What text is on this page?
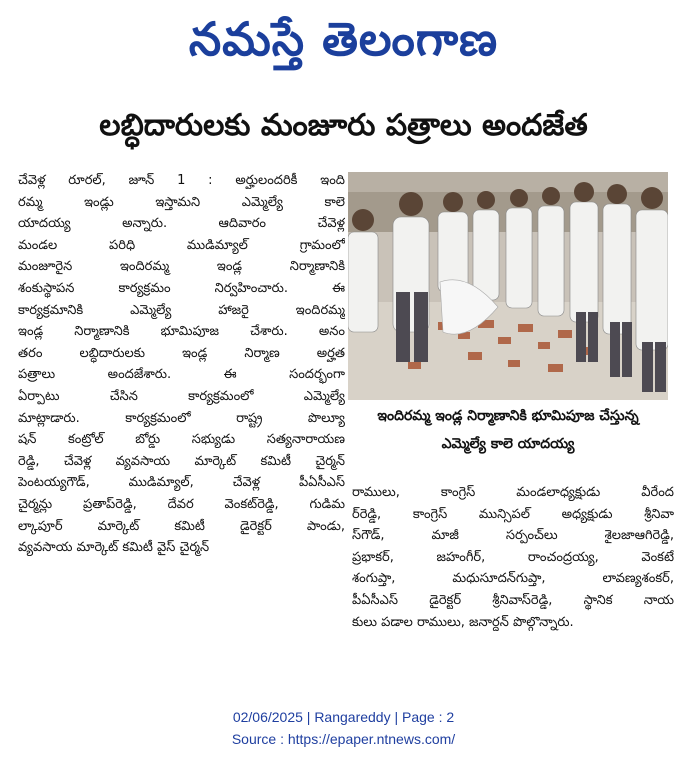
నమస్తే తెలంగాణ
లబ్ధిదారులకు మంజూరు పత్రాలు అందజేత

చేవెళ్ల రూరల్, జూన్ 1 : అర్హులందరికీ ఇంది

రమ్మ ఇండ్లు ఇస్తామని ఎమ్మెల్యే కాలె

యాదయ్య అన్నారు. ఆదివారం చేవెళ్ల

మండల పరిధి ముడిమ్యాల్ గ్రామంలో

మంజూరైన ఇందిరమ్మ ఇండ్ల నిర్మాణానికి

శంకుస్థాపన కార్యక్రమం నిర్వహించారు. ఈ

కార్యక్రమానికి ఎమ్మెల్యే హాజరై ఇందిరమ్మ

ఇండ్ల నిర్మాణానికి భూమిపూజ చేశారు. అనం

తరం లబ్ధిదారులకు ఇండ్ల నిర్మాణ అర్హత

పత్రాలు అందజేశారు. ఈ సందర్భంగా

ఏర్పాటు చేసిన కార్యక్రమంలో ఎమ్మెల్యే

మాట్లాడారు. కార్యక్రమంలో రాష్ట్ర పొల్యూ

షన్ కంట్రోల్ బోర్డు సభ్యుడు సత్యనారాయణ

రెడ్డి, చేవెళ్ల వ్యవసాయ మార్కెట్ కమిటీ చైర్మన్

పెంటయ్యగౌడ్, ముడిమ్యాల్, చేవెళ్ల పీఏసీఎస్

చైర్మన్లు ప్రతాప్‌రెడ్డి, దేవర వెంకట్‌రెడ్డి, గుడిమ

ల్కాపూర్ మార్కెట్ కమిటీ డైరెక్టర్ పాండు,

వ్యవసాయ మార్కెట్ కమిటీ వైస్ చైర్మన్

ఇందిరమ్మ ఇండ్ల నిర్మాణానికి భూమిపూజ చేస్తున్న
ఎమ్మెల్యే కాలె యాదయ్య

రాములు, కాంగ్రెస్ మండలాధ్యక్షుడు వీరేంద

ర్‌రెడ్డి, కాంగ్రెస్ మున్సిపల్ అధ్యక్షుడు శ్రీనివా

స్‌గౌడ్, మాజీ సర్పంచ్‌లు శైలజాఆగిరెడ్డి,

ప్రభాకర్, జహంగీర్, రాంచంద్రయ్య, వెంకటే

శంగుప్తా, మధుసూదన్‌గుప్తా, లావణ్యశంకర్,

పీఏసీఎస్ డైరెక్టర్ శ్రీనివాస్‌రెడ్డి, స్థానిక నాయ

కులు పడాల రాములు, జనార్దన్ పొల్గొన్నారు.

02/06/2025 | Rangareddy | Page : 2
Source : https://epaper.ntnews.com/
